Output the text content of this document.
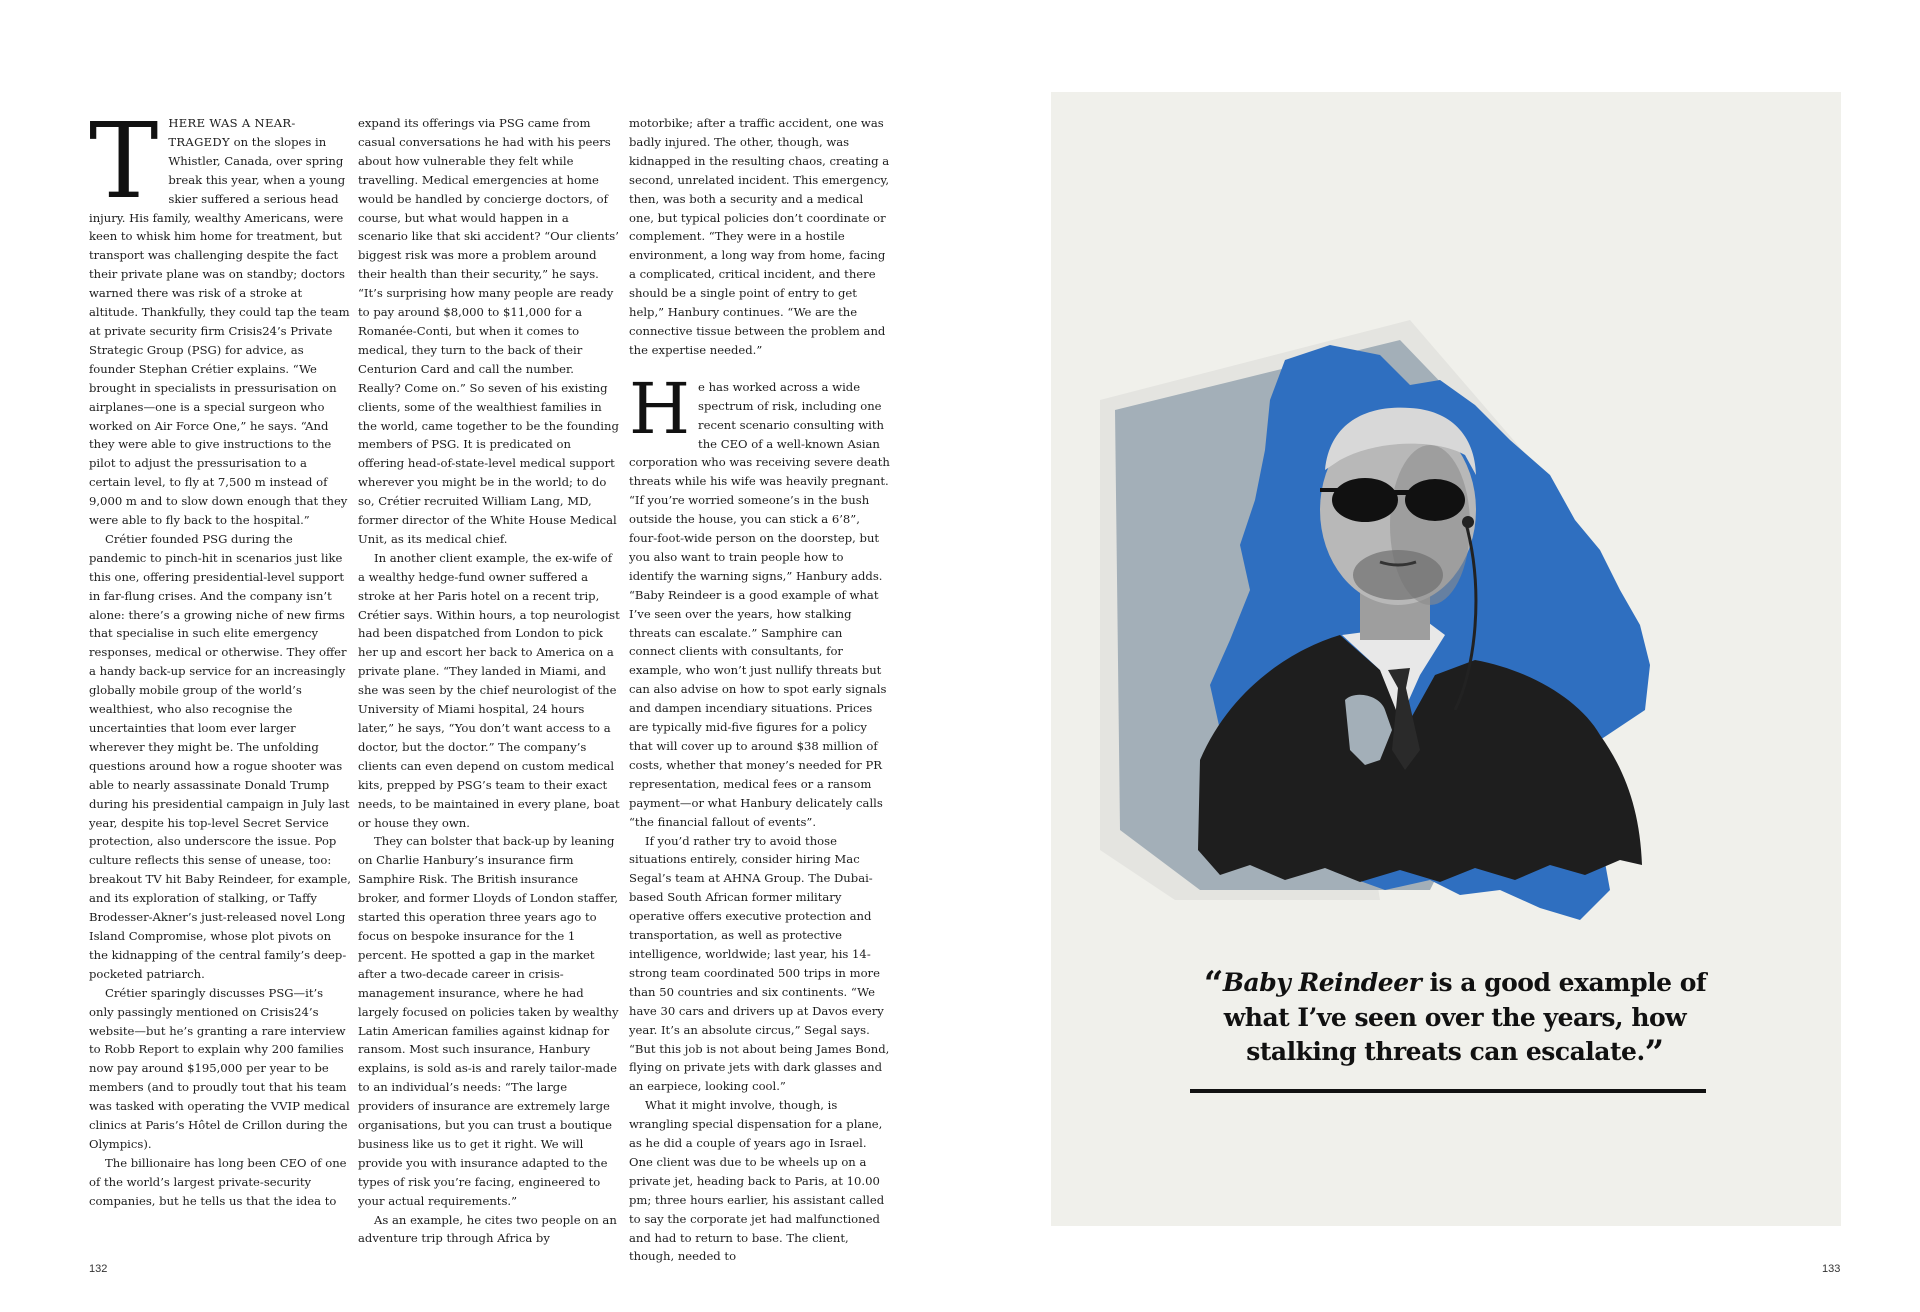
THERE WAS A NEAR-TRAGEDY on the slopes in Whistler, Canada, over spring break this year, when a young skier suffered a serious head injury. His family, wealthy Americans, were keen to whisk him home for treatment, but transport was challenging despite the fact their private plane was on standby; doctors warned there was risk of a stroke at altitude. Thankfully, they could tap the team at private security firm Crisis24’s Private Strategic Group (PSG) for advice, as founder Stephan Crétier explains. “We brought in specialists in pressurisation on airplanes—one is a special surgeon who worked on Air Force One,” he says. “And they were able to give instructions to the pilot to adjust the pressurisation to a certain level, to fly at 7,500 m instead of 9,000 m and to slow down enough that they were able to fly back to the hospital.”

Crétier founded PSG during the pandemic to pinch-hit in scenarios just like this one, offering presidential-level support in far-flung crises. And the company isn’t alone: there’s a growing niche of new firms that specialise in such elite emergency responses, medical or otherwise. They offer a handy back-up service for an increasingly globally mobile group of the world’s wealthiest, who also recognise the uncertainties that loom ever larger wherever they might be. The unfolding questions around how a rogue shooter was able to nearly assassinate Donald Trump during his presidential campaign in July last year, despite his top-level Secret Service protection, also underscore the issue. Pop culture reflects this sense of unease, too: breakout TV hit Baby Reindeer, for example, and its exploration of stalking, or Taffy Brodesser-Akner’s just-released novel Long Island Compromise, whose plot pivots on the kidnapping of the central family’s deep-pocketed patriarch.

Crétier sparingly discusses PSG—it’s only passingly mentioned on Crisis24’s website—but he’s granting a rare interview to Robb Report to explain why 200 families now pay around $195,000 per year to be members (and to proudly tout that his team was tasked with operating the VVIP medical clinics at Paris’s Hôtel de Crillon during the Olympics).

The billionaire has long been CEO of one of the world’s largest private-security companies, but he tells us that the idea to

expand its offerings via PSG came from casual conversations he had with his peers about how vulnerable they felt while travelling. Medical emergencies at home would be handled by concierge doctors, of course, but what would happen in a scenario like that ski accident? “Our clients’ biggest risk was more a problem around their health than their security,” he says. “It’s surprising how many people are ready to pay around $8,000 to $11,000 for a Romanée-Conti, but when it comes to medical, they turn to the back of their Centurion Card and call the number. Really? Come on.” So seven of his existing clients, some of the wealthiest families in the world, came together to be the founding members of PSG. It is predicated on offering head-of-state-level medical support wherever you might be in the world; to do so, Crétier recruited William Lang, MD, former director of the White House Medical Unit, as its medical chief.

In another client example, the ex-wife of a wealthy hedge-fund owner suffered a stroke at her Paris hotel on a recent trip, Crétier says. Within hours, a top neurologist had been dispatched from London to pick her up and escort her back to America on a private plane. “They landed in Miami, and she was seen by the chief neurologist of the University of Miami hospital, 24 hours later,” he says, “You don’t want access to a doctor, but the doctor.” The company’s clients can even depend on custom medical kits, prepped by PSG’s team to their exact needs, to be maintained in every plane, boat or house they own.

They can bolster that back-up by leaning on Charlie Hanbury’s insurance firm Samphire Risk. The British insurance broker, and former Lloyds of London staffer, started this operation three years ago to focus on bespoke insurance for the 1 percent. He spotted a gap in the market after a two-decade career in crisis-management insurance, where he had largely focused on policies taken by wealthy Latin American families against kidnap for ransom. Most such insurance, Hanbury explains, is sold as-is and rarely tailor-made to an individual’s needs: “The large providers of insurance are extremely large organisations, but you can trust a boutique business like us to get it right. We will provide you with insurance adapted to the types of risk you’re facing, engineered to your actual requirements.”

As an example, he cites two people on an adventure trip through Africa by

motorbike; after a traffic accident, one was badly injured. The other, though, was kidnapped in the resulting chaos, creating a second, unrelated incident. This emergency, then, was both a security and a medical one, but typical policies don’t coordinate or complement. “They were in a hostile environment, a long way from home, facing a complicated, critical incident, and there should be a single point of entry to get help,” Hanbury continues. “We are the connective tissue between the problem and the expertise needed.”

He has worked across a wide spectrum of risk, including one recent scenario consulting with the CEO of a well-known Asian corporation who was receiving severe death threats while his wife was heavily pregnant. “If you’re worried someone’s in the bush outside the house, you can stick a 6’8”, four-foot-wide person on the doorstep, but you also want to train people how to identify the warning signs,” Hanbury adds. “Baby Reindeer is a good example of what I’ve seen over the years, how stalking threats can escalate.” Samphire can connect clients with consultants, for example, who won’t just nullify threats but can also advise on how to spot early signals and dampen incendiary situations. Prices are typically mid-five figures for a policy that will cover up to around $38 million of costs, whether that money’s needed for PR representation, medical fees or a ransom payment—or what Hanbury delicately calls “the financial fallout of events”.

If you’d rather try to avoid those situations entirely, consider hiring Mac Segal’s team at AHNA Group. The Dubai-based South African former military operative offers executive protection and transportation, as well as protective intelligence, worldwide; last year, his 14-strong team coordinated 500 trips in more than 50 countries and six continents. “We have 30 cars and drivers up at Davos every year. It’s an absolute circus,” Segal says. “But this job is not about being James Bond, flying on private jets with dark glasses and an earpiece, looking cool.”

What it might involve, though, is wrangling special dispensation for a plane, as he did a couple of years ago in Israel. One client was due to be wheels up on a private jet, heading back to Paris, at 10.00 pm; three hours earlier, his assistant called to say the corporate jet had malfunctioned and had to return to base. The client, though, needed to

“Baby Reindeer is a good example of what I’ve seen over the years, how stalking threats can escalate.”
132	133
